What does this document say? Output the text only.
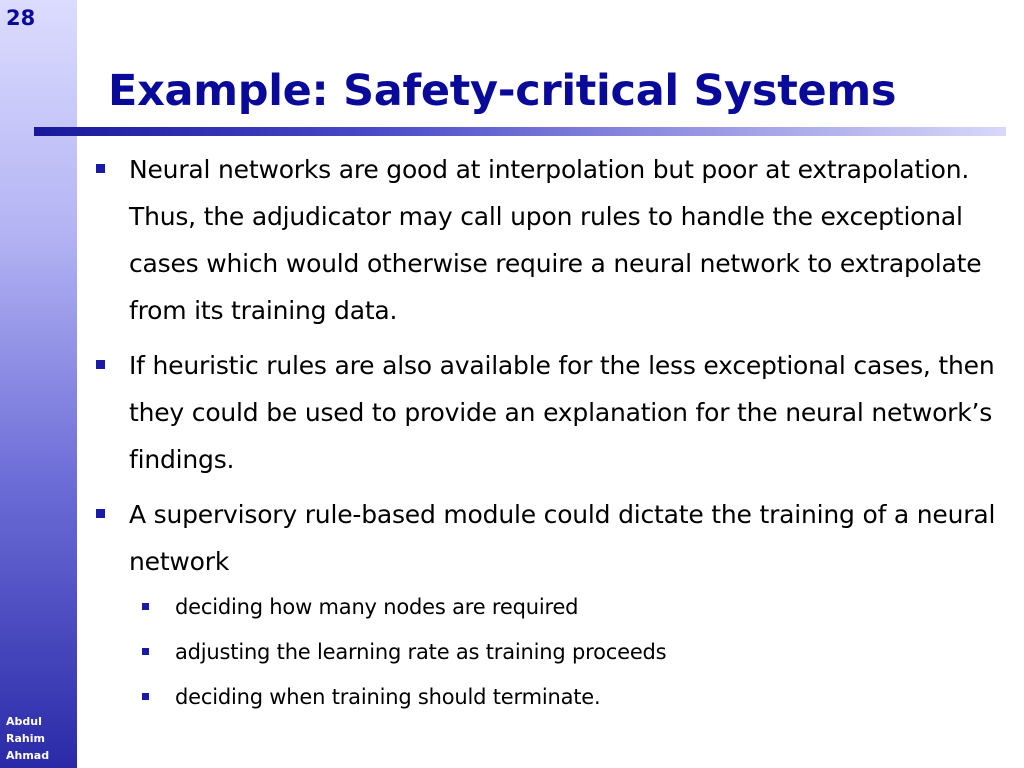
28
Abdul
Rahim
Ahmad
Example: Safety-critical Systems
Neural networks are good at interpolation but poor at extrapolation. Thus, the adjudicator may call upon rules to handle the exceptional cases which would otherwise require a neural network to extrapolate from its training data.
If heuristic rules are also available for the less exceptional cases, then they could be used to provide an explanation for the neural network’s findings.
A supervisory rule-based module could dictate the training of a neural network
deciding how many nodes are required
adjusting the learning rate as training proceeds
deciding when training should terminate.
